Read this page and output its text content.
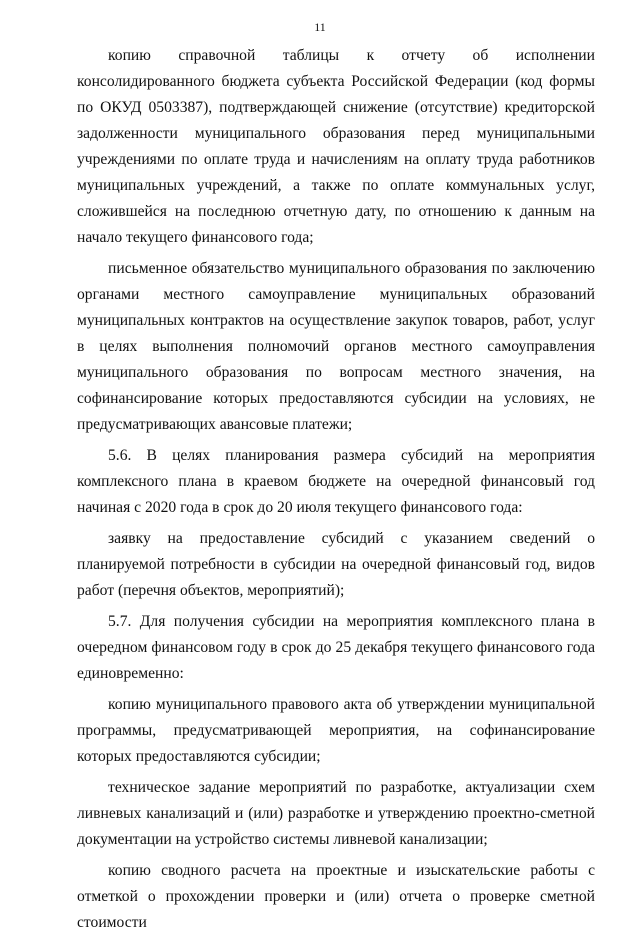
11

копию справочной таблицы к отчету об исполнении консолидированного бюджета субъекта Российской Федерации (код формы по ОКУД 0503387), подтверждающей снижение (отсутствие) кредиторской задолженности муниципального образования перед муниципальными учреждениями по оплате труда и начислениям на оплату труда работников муниципальных учреждений, а также по оплате коммунальных услуг, сложившейся на последнюю отчетную дату, по отношению к данным на начало текущего финансового года;

письменное обязательство муниципального образования по заключению органами местного самоуправление муниципальных образований муниципальных контрактов на осуществление закупок товаров, работ, услуг в целях выполнения полномочий органов местного самоуправления муниципального образования по вопросам местного значения, на софинансирование которых предоставляются субсидии на условиях, не предусматривающих авансовые платежи;

5.6. В целях планирования размера субсидий на мероприятия комплексного плана в краевом бюджете на очередной финансовый год начиная с 2020 года в срок до 20 июля текущего финансового года:

заявку на предоставление субсидий с указанием сведений о планируемой потребности в субсидии на очередной финансовый год, видов работ (перечня объектов, мероприятий);

5.7. Для получения субсидии на мероприятия комплексного плана в очередном финансовом году в срок до 25 декабря текущего финансового года единовременно:

копию муниципального правового акта об утверждении муниципальной программы, предусматривающей мероприятия, на софинансирование которых предоставляются субсидии;

техническое задание мероприятий по разработке, актуализации схем ливневых канализаций и (или) разработке и утверждению проектно-сметной документации на устройство системы ливневой канализации;

копию сводного расчета на проектные и изыскательские работы с отметкой о прохождении проверки и (или) отчета о проверке сметной стоимости
